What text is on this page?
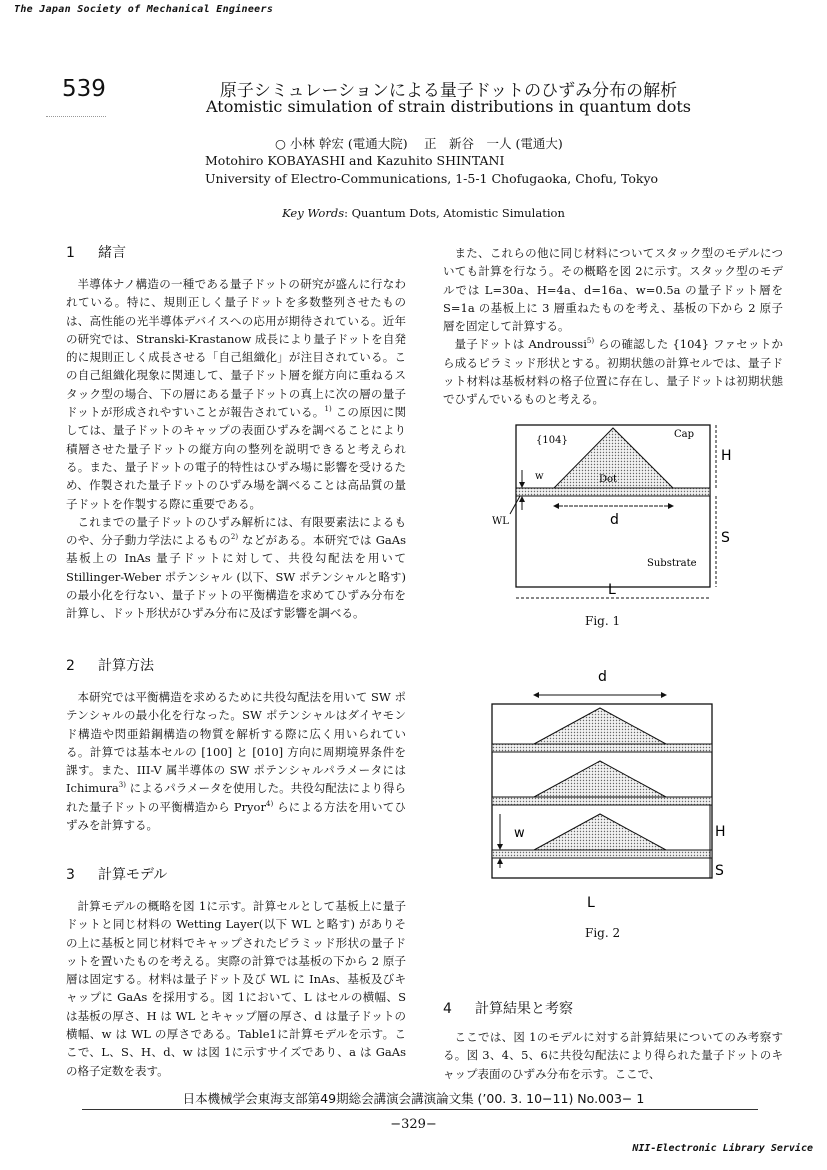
The Japan Society of Mechanical Engineers
539	原子シミュレーションによる量子ドットのひずみ分布の解析
Atomistic simulation of strain distributions in quantum dots
○ 小林 幹宏 (電通大院)　 正　新谷　一人 (電通大)
Motohiro KOBAYASHI and Kazuhito SHINTANI
University of Electro-Communications, 1-5-1 Chofugaoka, Chofu, Tokyo
Key Words: Quantum Dots, Atomistic Simulation
1 緒言

半導体ナノ構造の一種である量子ドットの研究が盛んに行なわれている。特に、規則正しく量子ドットを多数整列させたものは、高性能の光半導体デバイスへの応用が期待されている。近年の研究では、Stranski-Krastanow 成長により量子ドットを自発的に規則正しく成長させる「自己組織化」が注目されている。この自己組織化現象に関連して、量子ドット層を縦方向に重ねるスタック型の場合、下の層にある量子ドットの真上に次の層の量子ドットが形成されやすいことが報告されている。$^{1)}$ この原因に関しては、量子ドットのキャップの表面ひずみを調べることにより積層させた量子ドットの縦方向の整列を説明できると考えられる。また、量子ドットの電子的特性はひずみ場に影響を受けるため、作製された量子ドットのひずみ場を調べることは高品質の量子ドットを作製する際に重要である。

これまでの量子ドットのひずみ解析には、有限要素法によるものや、分子動力学法によるもの$^{2)}$ などがある。本研究では GaAs 基板上の InAs 量子ドットに対して、共役勾配法を用いて Stillinger-Weber ポテンシャル (以下、SW ポテンシャルと略す) の最小化を行ない、量子ドットの平衡構造を求めてひずみ分布を計算し、ドット形状がひずみ分布に及ぼす影響を調べる。

2 計算方法

本研究では平衡構造を求めるために共役勾配法を用いて SW ポテンシャルの最小化を行なった。SW ポテンシャルはダイヤモンド構造や閃亜鉛鋼構造の物質を解析する際に広く用いられている。計算では基本セルの [100] と [010] 方向に周期境界条件を課す。また、III-V 属半導体の SW ポテンシャルパラメータには Ichimura$^{3)}$ によるパラメータを使用した。共役勾配法により得られた量子ドットの平衡構造から Pryor$^{4)}$ らによる方法を用いてひずみを計算する。

3 計算モデル

計算モデルの概略を図 1に示す。計算セルとして基板上に量子ドットと同じ材料の Wetting Layer(以下 WL と略す) がありその上に基板と同じ材料でキャップされたピラミッド形状の量子ドットを置いたものを考える。実際の計算では基板の下から 2 原子層は固定する。材料は量子ドット及び WL に InAs、基板及びキャップに GaAs を採用する。図 1において、L はセルの横幅、S は基板の厚さ、H は WL とキャップ層の厚さ、d は量子ドットの横幅、w は WL の厚さである。Table1に計算モデルを示す。ここで、L、S、H、d、w は図 1に示すサイズであり、a は GaAs の格子定数を表す。

また、これらの他に同じ材料についてスタック型のモデルについても計算を行なう。その概略を図 2に示す。スタック型のモデルでは L=30a、H=4a、d=16a、w=0.5a の量子ドット層を S=1a の基板上に 3 層重ねたものを考え、基板の下から 2 原子層を固定して計算する。

量子ドットは Androussi$^{5)}$ らの確認した {104} ファセットから成るピラミッド形状とする。初期状態の計算セルでは、量子ドット材料は基板材料の格子位置に存在し、量子ドットは初期状態でひずんでいるものと考える。

{104}
Cap
Dot
Substrate
H
S
d
L
w
WL
Fig. 1
d
w	H
S
L
Fig. 2
4 計算結果と考察

ここでは、図 1のモデルに対する計算結果についてのみ考察する。図 3、4、5、6に共役勾配法により得られた量子ドットのキャップ表面のひずみ分布を示す。ここで、

日本機械学会東海支部第49期総会講演会講演論文集 (’00. 3. 10−11) No.003− 1
−329−
NII-Electronic Library Service
